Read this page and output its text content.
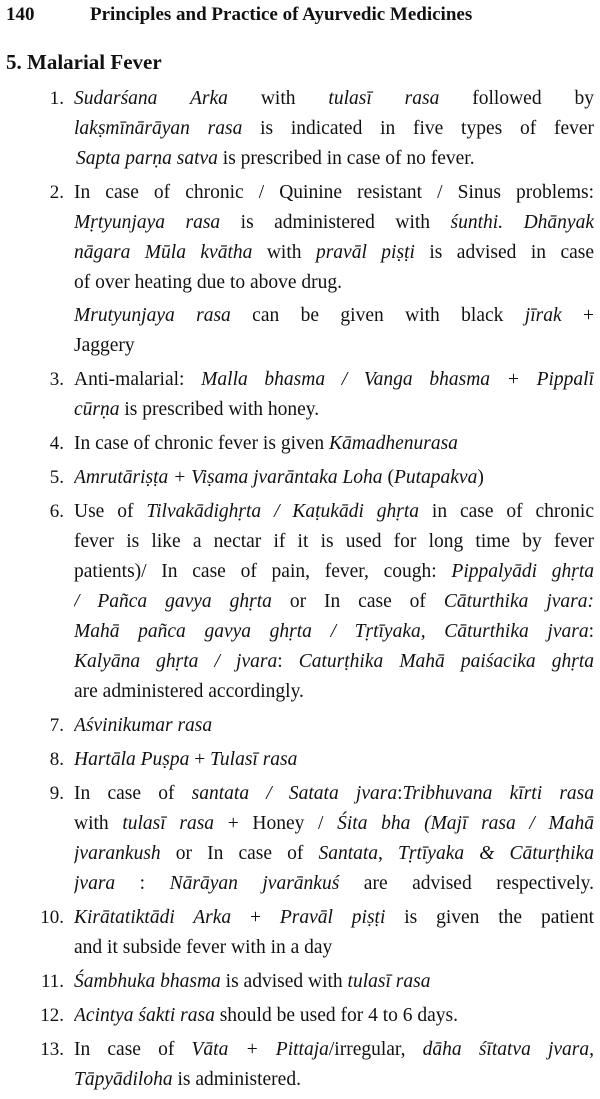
140	Principles and Practice of Ayurvedic Medicines
5. Malarial Fever
1. Sudarśana Arka with tulasī rasa followed by
lakṣmīnārāyan rasa is indicated in five types of fever
Sapta parṇa satva is prescribed in case of no fever.
2. In case of chronic / Quinine resistant / Sinus problems:
Mṛtyunjaya rasa is administered with śunthi. Dhānyak
nāgara Mūla kvātha with pravāl piṣṭi is advised in case
of over heating due to above drug.
Mrutyunjaya rasa can be given with black jīrak +
Jaggery
3. Anti-malarial: Malla bhasma / Vanga bhasma + Pippalī
cūrṇa is prescribed with honey.
4. In case of chronic fever is given Kāmadhenurasa
5. Amrutāriṣṭa + Viṣama jvarāntaka Loha (Putapakva)
6. Use of Tilvakādighṛta / Kaṭukādi ghṛta in case of chronic
fever is like a nectar if it is used for long time by fever
patients)/ In case of pain, fever, cough: Pippalyādi ghṛta
/ Pañca gavya ghṛta or In case of Cāturthika jvara:
Mahā pañca gavya ghṛta / Tṛtīyaka, Cāturthika jvara:
Kalyāna ghṛta / jvara: Caturṭhika Mahā paiśacika ghṛta
are administered accordingly.
7. Aśvinikumar rasa
8. Hartāla Puṣpa + Tulasī rasa
9. In case of santata / Satata jvara:Tribhuvana kīrti rasa
with tulasī rasa + Honey / Śita bha (Majī rasa / Mahā
jvarankush or In case of Santata, Tṛtīyaka & Cāturṭhika
jvara : Nārāyan jvarānkuś are advised respectively.
10. Kirātatiktādi Arka + Pravāl piṣṭi is given the patient
and it subside fever with in a day
11. Śambhuka bhasma is advised with tulasī rasa
12. Acintya śakti rasa should be used for 4 to 6 days.
13. In case of Vāta + Pittaja/irregular, dāha śītatva jvara,
Tāpyādiloha is administered.
